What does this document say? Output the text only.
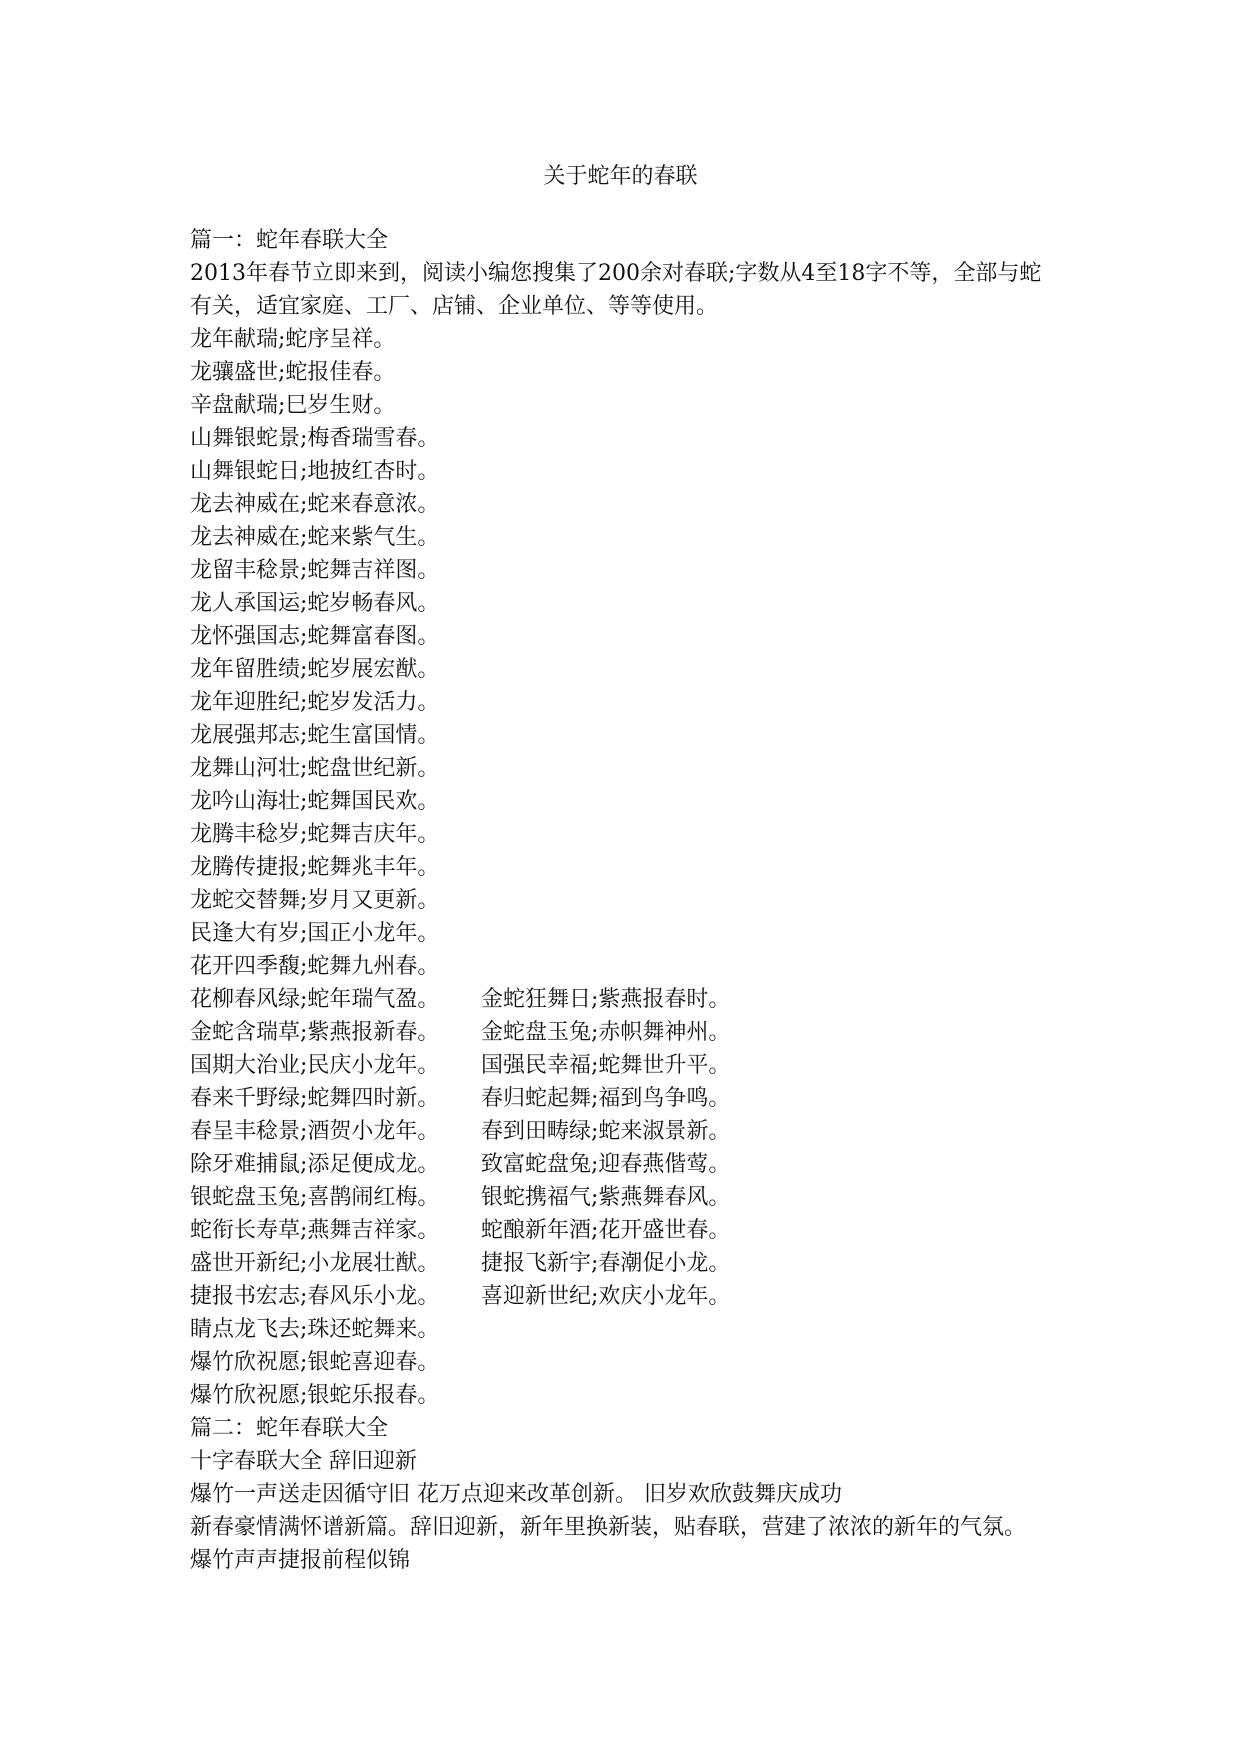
关于蛇年的春联
篇一：蛇年春联大全
2013年春节立即来到，阅读小编您搜集了200余对春联;字数从4至18字不等，全部与蛇有关，适宜家庭、工厂、店铺、企业单位、等等使用。
龙年献瑞;蛇序呈祥。
龙骧盛世;蛇报佳春。
辛盘献瑞;巳岁生财。
山舞银蛇景;梅香瑞雪春。
山舞银蛇日;地披红杏时。
龙去神威在;蛇来春意浓。
龙去神威在;蛇来紫气生。
龙留丰稔景;蛇舞吉祥图。
龙人承国运;蛇岁畅春风。
龙怀强国志;蛇舞富春图。
龙年留胜绩;蛇岁展宏猷。
龙年迎胜纪;蛇岁发活力。
龙展强邦志;蛇生富国情。
龙舞山河壮;蛇盘世纪新。
龙吟山海壮;蛇舞国民欢。
龙腾丰稔岁;蛇舞吉庆年。
龙腾传捷报;蛇舞兆丰年。
龙蛇交替舞;岁月又更新。
民逢大有岁;国正小龙年。
花开四季馥;蛇舞九州春。
花柳春风绿;蛇年瑞气盈。	金蛇狂舞日;紫燕报春时。
金蛇含瑞草;紫燕报新春。	金蛇盘玉兔;赤帜舞神州。
国期大治业;民庆小龙年。	国强民幸福;蛇舞世升平。
春来千野绿;蛇舞四时新。	春归蛇起舞;福到鸟争鸣。
春呈丰稔景;酒贺小龙年。	春到田畴绿;蛇来淑景新。
除牙难捕鼠;添足便成龙。	致富蛇盘兔;迎春燕偕莺。
银蛇盘玉兔;喜鹊闹红梅。	银蛇携福气;紫燕舞春风。
蛇衔长寿草;燕舞吉祥家。	蛇酿新年酒;花开盛世春。
盛世开新纪;小龙展壮猷。	捷报飞新宇;春潮促小龙。
捷报书宏志;春风乐小龙。	喜迎新世纪;欢庆小龙年。
睛点龙飞去;珠还蛇舞来。
爆竹欣祝愿;银蛇喜迎春。
爆竹欣祝愿;银蛇乐报春。
篇二：蛇年春联大全
十字春联大全 辞旧迎新
爆竹一声送走因循守旧 花万点迎来改革创新。 旧岁欢欣鼓舞庆成功
新春豪情满怀谱新篇。辞旧迎新，新年里换新装，贴春联，营建了浓浓的新年的气氛。
爆竹声声捷报前程似锦
